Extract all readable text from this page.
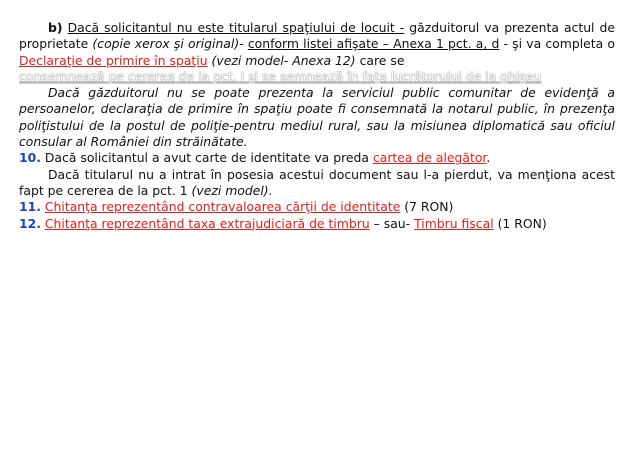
b) Dacă solicitantul nu este titularul spaţiului de locuit - găzduitorul va prezenta actul de proprietate (copie xerox şi original)- conform listei afişate – Anexa 1 pct. a, d - şi va completa o Declaraţie de primire în spaţiu (vezi model- Anexa 12) care se

consemnează pe cererea de la pct. I şi se semnează în faţa lucrătorului de la ghişeu

Dacă găzduitorul nu se poate prezenta la serviciul public comunitar de evidenţă a persoanelor, declaraţia de primire în spaţiu poate fi consemnată la notarul public, în prezenţa poliţistului de la postul de poliţie-pentru mediul rural, sau la misiunea diplomatică sau oficiul consular al României din străinătate.

10. Dacă solicitantul a avut carte de identitate va preda cartea de alegător.

Dacă titularul nu a intrat în posesia acestui document sau l-a pierdut, va menţiona acest fapt pe cererea de la pct. 1 (vezi model).

11. Chitanţa reprezentând contravaloarea cărţii de identitate (7 RON)

12. Chitanţa reprezentând taxa extrajudiciară de timbru – sau- Timbru fiscal (1 RON)
